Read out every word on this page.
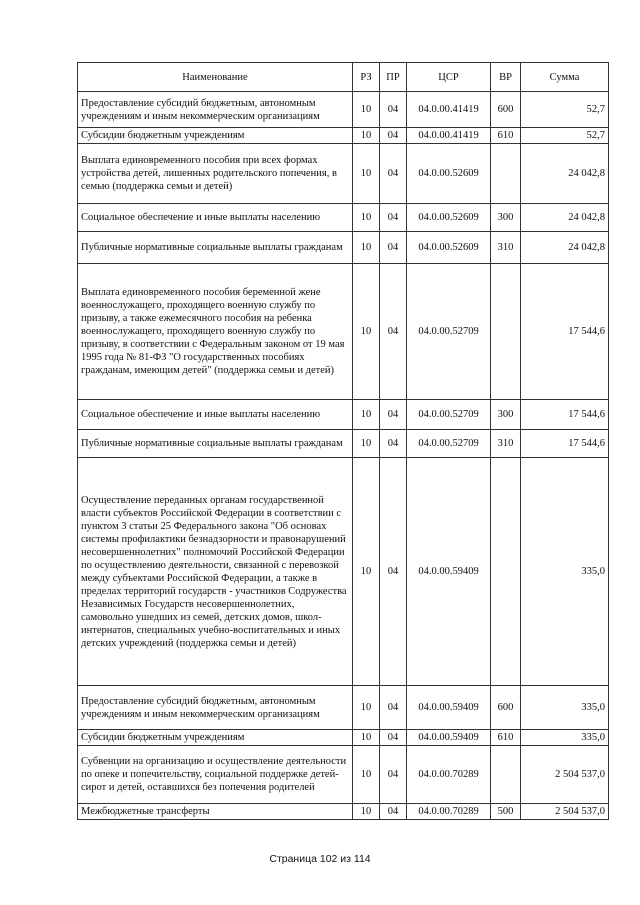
Наименование	РЗ	ПР	ЦСР	ВР	Сумма
Предоставление субсидий бюджетным, автономным учреждениям и иным некоммерческим организациям	10	04	04.0.00.41419	600	52,7
Субсидии бюджетным учреждениям	10	04	04.0.00.41419	610	52,7
Выплата единовременного пособия при всех формах устройства детей, лишенных родительского попечения, в семью (поддержка семьи и детей)	10	04	04.0.00.52609		24 042,8
Социальное обеспечение и иные выплаты населению	10	04	04.0.00.52609	300	24 042,8
Публичные нормативные социальные выплаты гражданам	10	04	04.0.00.52609	310	24 042,8
Выплата единовременного пособия беременной жене военнослужащего, проходящего военную службу по призыву, а также ежемесячного пособия на ребенка военнослужащего, проходящего военную службу по призыву, в соответствии с Федеральным законом от 19 мая 1995 года № 81-ФЗ "О государственных пособиях гражданам, имеющим детей" (поддержка семьи и детей)	10	04	04.0.00.52709		17 544,6
Социальное обеспечение и иные выплаты населению	10	04	04.0.00.52709	300	17 544,6
Публичные нормативные социальные выплаты гражданам	10	04	04.0.00.52709	310	17 544,6
Осуществление переданных органам государственной власти субъектов Российской Федерации в соответствии с пунктом 3 статьи 25 Федерального закона "Об основах системы профилактики безнадзорности и правонарушений несовершеннолетних" полномочий Российской Федерации по осуществлению деятельности, связанной с перевозкой между субъектами Российской Федерации, а также в пределах территорий государств - участников Содружества Независимых Государств несовершеннолетних, самовольно ушедших из семей, детских домов, школ-интернатов, специальных учебно-воспитательных и иных детских учреждений (поддержка семьи и детей)	10	04	04.0.00.59409		335,0
Предоставление субсидий бюджетным, автономным учреждениям и иным некоммерческим организациям	10	04	04.0.00.59409	600	335,0
Субсидии бюджетным учреждениям	10	04	04.0.00.59409	610	335,0
Субвенции на организацию и осуществление деятельности по опеке и попечительству, социальной поддержке детей-сирот и детей, оставшихся без попечения родителей	10	04	04.0.00.70289		2 504 537,0
Межбюджетные трансферты	10	04	04.0.00.70289	500	2 504 537,0
Страница 102 из 114
